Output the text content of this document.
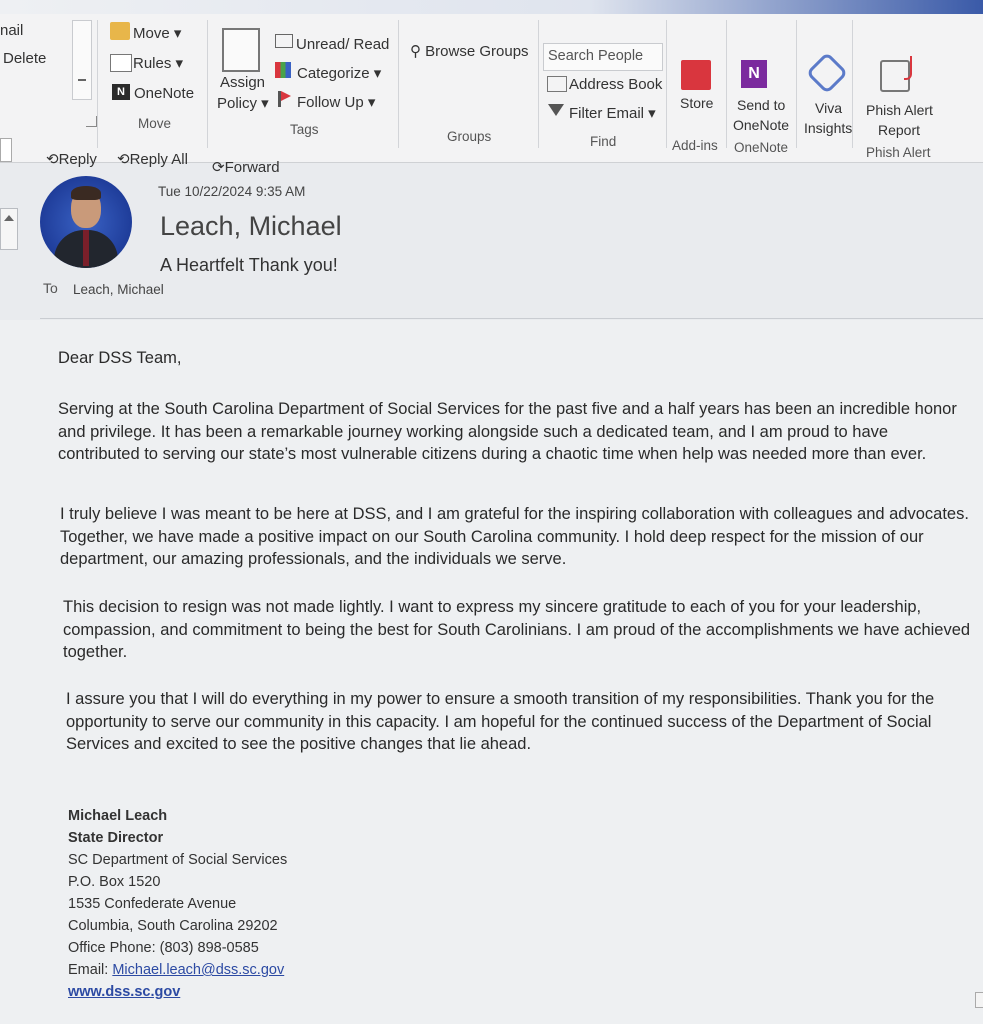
nail
Delete
Move ▾
Rules ▾
N OneNote
Move
Assign
Policy ▾
Unread/ Read
Categorize ▾
Follow Up ▾
Tags
⚲ Browse Groups
Groups
Search People
Address Book
Filter Email ▾
Find
Store
Add-ins
N
Send to
OneNote
OneNote
Viva
Insights
Phish Alert
Report
Phish Alert
⟲Reply ⟲Reply All ⟳Forward
Tue 10/22/2024 9:35 AM
Leach, Michael
A Heartfelt Thank you!
To Leach, Michael
Dear DSS Team,
Serving at the South Carolina Department of Social Services for the past five and a half years has been an incredible honor and privilege. It has been a remarkable journey working alongside such a dedicated team, and I am proud to have contributed to serving our state’s most vulnerable citizens during a chaotic time when help was needed more than ever.
I truly believe I was meant to be here at DSS, and I am grateful for the inspiring collaboration with colleagues and advocates. Together, we have made a positive impact on our South Carolina community. I hold deep respect for the mission of our department, our amazing professionals, and the individuals we serve.
This decision to resign was not made lightly. I want to express my sincere gratitude to each of you for your leadership, compassion, and commitment to being the best for South Carolinians. I am proud of the accomplishments we have achieved together.
I assure you that I will do everything in my power to ensure a smooth transition of my responsibilities. Thank you for the opportunity to serve our community in this capacity. I am hopeful for the continued success of the Department of Social Services and excited to see the positive changes that lie ahead.
Michael Leach
State Director
SC Department of Social Services
P.O. Box 1520
1535 Confederate Avenue
Columbia, South Carolina 29202
Office Phone: (803) 898-0585
Email: Michael.leach@dss.sc.gov
www.dss.sc.gov
